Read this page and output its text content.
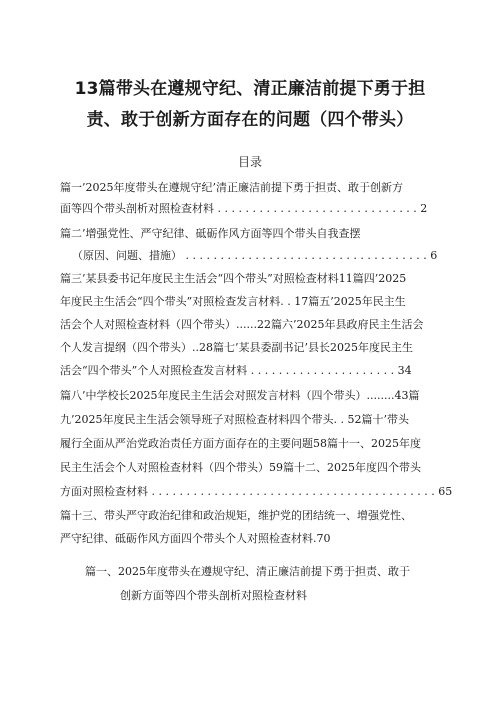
13篇带头在遵规守纪、清正廉洁前提下勇于担
责、敢于创新方面存在的问题（四个带头）
目录
篇一’2025年度带头在遵规守纪’清正廉洁前提下勇于担责、敢于创新方
面等四个带头剖析对照检查材料 . . . . . . . . . . . . . . . . . . . . . . . . . . . . . 2
篇二’增强党性、严守纪律、砥砺作风方面等四个带头自我查摆
（原因、问题、措施） . . . . . . . . . . . . . . . . . . . . . . . . . . . . . . . . . . . 6
篇三’某县委书记年度民主生活会“四个带头”对照检查材料11篇四’2025
年度民主生活会“四个带头”对照检查发言材料. . 17篇五’2025年民主生
活会个人对照检查材料（四个带头）......22篇六’2025年县政府民主生活会
个人发言提纲（四个带头）..28篇七’某县委副书记’县长2025年度民主生
活会“四个带头”个人对照检查发言材料 . . . . . . . . . . . . . . . . . . . . . 34
篇八’中学校长2025年度民主生活会对照发言材料（四个带头）........43篇
九’2025年度民主生活会领导班子对照检查材料四个带头. . 52篇十’带头
履行全面从严治党政治责任方面方面存在的主要问题58篇十一、2025年度
民主生活会个人对照检查材料（四个带头）59篇十二、2025年度四个带头
方面对照检查材料 . . . . . . . . . . . . . . . . . . . . . . . . . . . . . . . . . . . . . . . . . 65
篇十三、带头严守政治纪律和政治规矩，维护党的团结统一、增强党性、
严守纪律、砥砺作风方面四个带头个人对照检查材料.70
篇一、2025年度带头在遵规守纪、清正廉洁前提下勇于担责、敢于
创新方面等四个带头剖析对照检查材料
